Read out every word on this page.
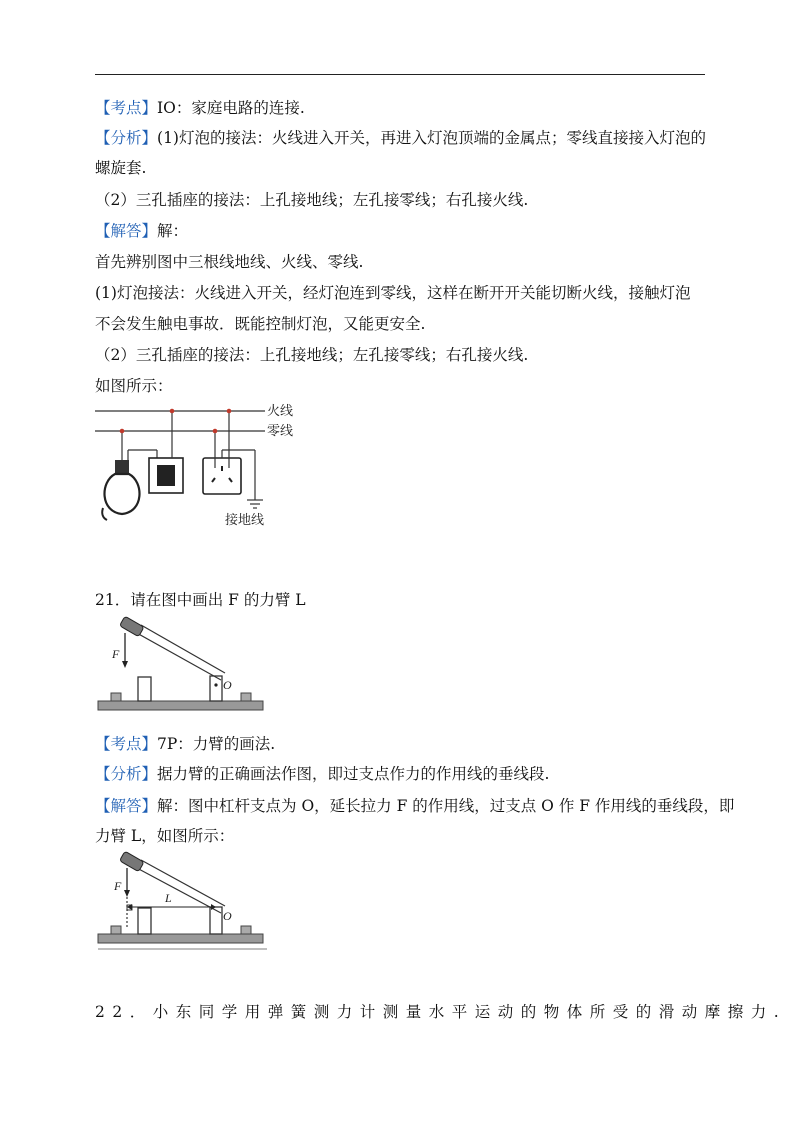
【考点】IO：家庭电路的连接.
【分析】(1)灯泡的接法：火线进入开关，再进入灯泡顶端的金属点；零线直接接入灯泡的
螺旋套.
（2）三孔插座的接法：上孔接地线；左孔接零线；右孔接火线.
【解答】解：
首先辨别图中三根线地线、火线、零线.
(1)灯泡接法：火线进入开关，经灯泡连到零线，这样在断开开关能切断火线，接触灯泡
不会发生触电事故．既能控制灯泡，又能更安全.
（2）三孔插座的接法：上孔接地线；左孔接零线；右孔接火线.
如图所示：
火线
零线
接地线
21．请在图中画出 F 的力臂 L
F
O
【考点】7P：力臂的画法.
【分析】据力臂的正确画法作图，即过支点作力的作用线的垂线段.
【解答】解：图中杠杆支点为 O，延长拉力 F 的作用线，过支点 O 作 F 作用线的垂线段，即
力臂 L，如图所示：
F
L
O
22．小东同学用弹簧测力计测量水平运动的物体所受的滑动摩擦力.
